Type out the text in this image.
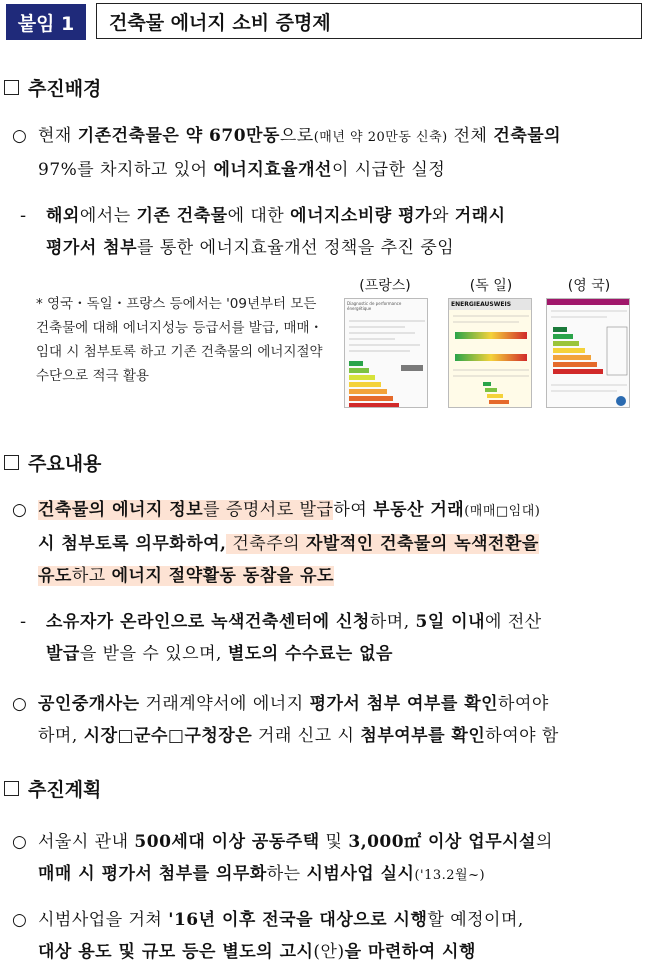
붙임 1	건축물 에너지 소비 증명제
추진배경
○ 현재 기존건축물은 약 670만동으로(매년 약 20만동 신축) 전체 건축물의
97%를 차지하고 있어 에너지효율개선이 시급한 실정
- 해외에서는 기존 건축물에 대한 에너지소비량 평가와 거래시
평가서 첨부를 통한 에너지효율개선 정책을 추진 중임
* 영국・독일・프랑스 등에서는 '09년부터 모든 건축물에 대해 에너지성능 등급서를 발급, 매매・임대 시 첨부토록 하고 기존 건축물의 에너지절약 수단으로 적극 활용
(프랑스)	(독 일)	(영 국)
Diagnostic de performance énergétique
ENERGIEAUSWEIS
주요내용
○ 건축물의 에너지 정보를 증명서로 발급하여 부동산 거래(매매□임대)
시 첨부토록 의무화하여, 건축주의 자발적인 건축물의 녹색전환을
유도하고 에너지 절약활동 동참을 유도
- 소유자가 온라인으로 녹색건축센터에 신청하며, 5일 이내에 전산
발급을 받을 수 있으며, 별도의 수수료는 없음
○ 공인중개사는 거래계약서에 에너지 평가서 첨부 여부를 확인하여야
하며, 시장□군수□구청장은 거래 신고 시 첨부여부를 확인하여야 함
추진계획
○ 서울시 관내 500세대 이상 공동주택 및 3,000㎡ 이상 업무시설의
매매 시 평가서 첨부를 의무화하는 시범사업 실시('13.2월~)
○ 시범사업을 거쳐 '16년 이후 전국을 대상으로 시행할 예정이며,
대상 용도 및 규모 등은 별도의 고시(안)을 마련하여 시행
